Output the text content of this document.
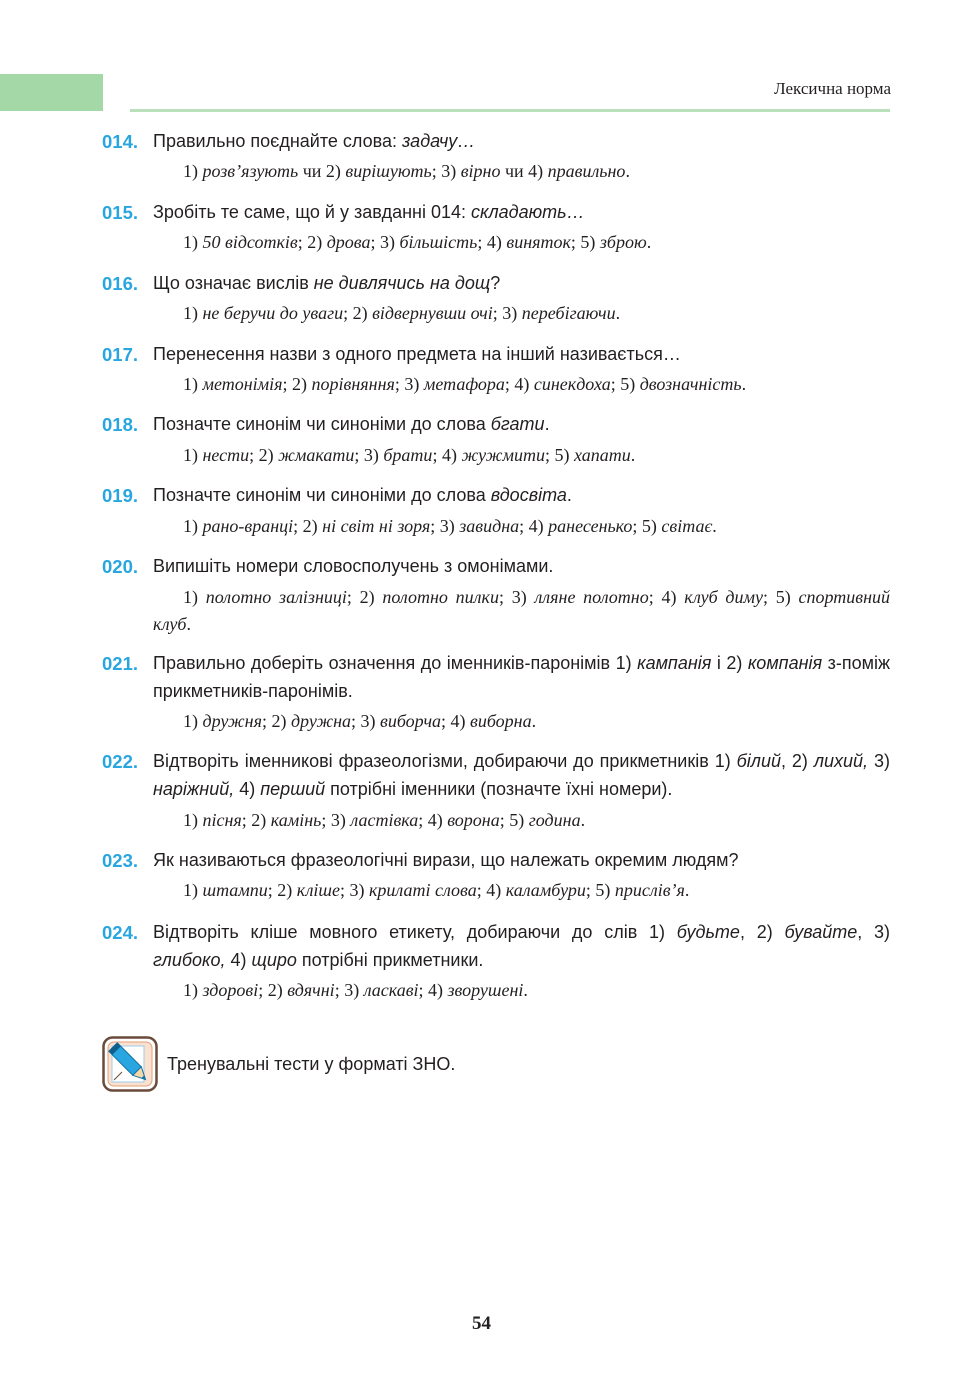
Лексична норма
014. Правильно поєднайте слова: задачу…
1) розв’язують чи 2) вирішують; 3) вірно чи 4) правильно.
015. Зробіть те саме, що й у завданні 014: складають…
1) 50 відсотків; 2) дрова; 3) більшість; 4) виняток; 5) зброю.
016. Що означає вислів не дивлячись на дощ?
1) не беручи до уваги; 2) відвернувши очі; 3) перебігаючи.
017. Перенесення назви з одного предмета на інший називається…
1) метонімія; 2) порівняння; 3) метафора; 4) синекдоха; 5) двозначність.
018. Позначте синонім чи синоніми до слова бгати.
1) нести; 2) жмакати; 3) брати; 4) жужмити; 5) хапати.
019. Позначте синонім чи синоніми до слова вдосвіта.
1) рано-вранці; 2) ні світ ні зоря; 3) завидна; 4) ранесенько; 5) світає.
020. Випишіть номери словосполучень з омонімами.
1) полотно залізниці; 2) полотно пилки; 3) лляне полотно; 4) клуб диму; 5) спортивний клуб.
021. Правильно доберіть означення до іменників-паронімів 1) кампанія і 2) компанія з-поміж прикметників-паронімів.
1) дружня; 2) дружна; 3) виборча; 4) виборна.
022. Відтворіть іменникові фразеологізми, добираючи до прикметників 1) білий, 2) лихий, 3) наріжний, 4) перший потрібні іменники (позначте їхні номери).
1) пісня; 2) камінь; 3) ластівка; 4) ворона; 5) година.
023. Як називаються фразеологічні вирази, що належать окремим людям?
1) штампи; 2) кліше; 3) крилаті слова; 4) каламбури; 5) прислів’я.
024. Відтворіть кліше мовного етикету, добираючи до слів 1) будьте, 2) бувайте, 3) глибоко, 4) щиро потрібні прикметники.
1) здорові; 2) вдячні; 3) ласкаві; 4) зворушені.
Тренувальні тести у форматі ЗНО.
54
